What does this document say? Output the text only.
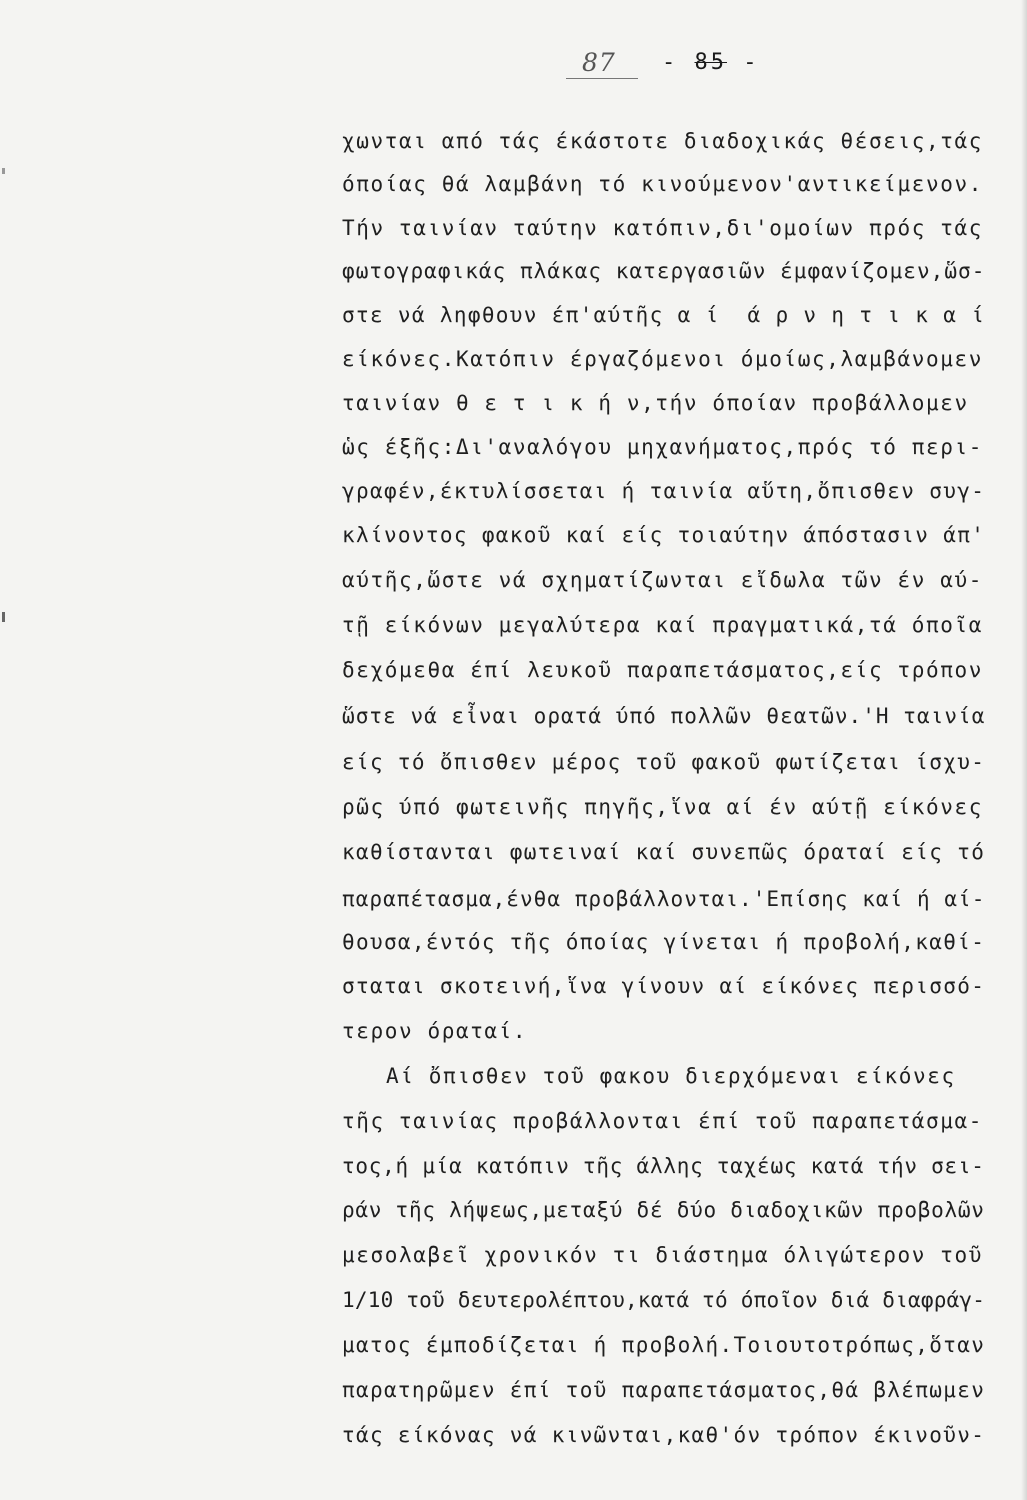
87 - 85 -
χωνται από τάς έκάστοτε διαδοχικάς θέσεις,τάς
όποίας θά λαμβάνη τό κινούμενον'αντικείμενον.
Τήν ταινίαν ταύτην κατόπιν,δι'ομοίων πρός τάς
φωτογραφικάς πλάκας κατεργασιῶν έμφανίζομεν,ὥσ-
στε νά ληφθουν έπ'αύτῆς α ί  ά ρ ν η τ ι κ α ί
είκόνες.Κατόπιν έργαζόμενοι όμοίως,λαμβάνομεν
ταινίαν θ ε τ ι κ ή ν,τήν όποίαν προβάλλομεν
ὡς έξῆς:Δι'αναλόγου μηχανήματος,πρός τό περι-
γραφέν,έκτυλίσσεται ή ταινία αὕτη,ὄπισθεν συγ-
κλίνοντος φακοῦ καί είς τοιαύτην άπόστασιν άπ'
αύτῆς,ὥστε νά σχηματίζωνται εἴδωλα τῶν έν αύ-
τῇ είκόνων μεγαλύτερα καί πραγματικά,τά όποῖα
δεχόμεθα έπί λευκοῦ παραπετάσματος,είς τρόπον
ὥστε νά εἶναι ορατά ύπό πολλῶν θεατῶν.'Η ταινία
είς τό ὄπισθεν μέρος τοῦ φακοῦ φωτίζεται ίσχυ-
ρῶς ύπό φωτεινῆς πηγῆς,ἵνα αί έν αύτῇ είκόνες
καθίστανται φωτειναί καί συνεπῶς όραταί είς τό
παραπέτασμα,ένθα προβάλλονται.'Επίσης καί ή αί-
θουσα,έντός τῆς όποίας γίνεται ή προβολή,καθί-
σταται σκοτεινή,ἵνα γίνουν αί είκόνες περισσό-
τερον όραταί.
Αί ὄπισθεν τοῦ φακου διερχόμεναι είκόνες
τῆς ταινίας προβάλλονται έπί τοῦ παραπετάσμα-
τος,ή μία κατόπιν τῆς άλλης ταχέως κατά τήν σει-
ράν τῆς λήψεως,μεταξύ δέ δύο διαδοχικῶν προβολῶν
μεσολαβεῖ χρονικόν τι διάστημα όλιγώτερον τοῦ
1/10 τοῦ δευτερολέπτου,κατά τό όποῖον διά διαφράγ-
ματος έμποδίζεται ή προβολή.Τοιουτοτρόπως,ὅταν
παρατηρῶμεν έπί τοῦ παραπετάσματος,θά βλέπωμεν
τάς είκόνας νά κινῶνται,καθ'όν τρόπον έκινοῦν-
